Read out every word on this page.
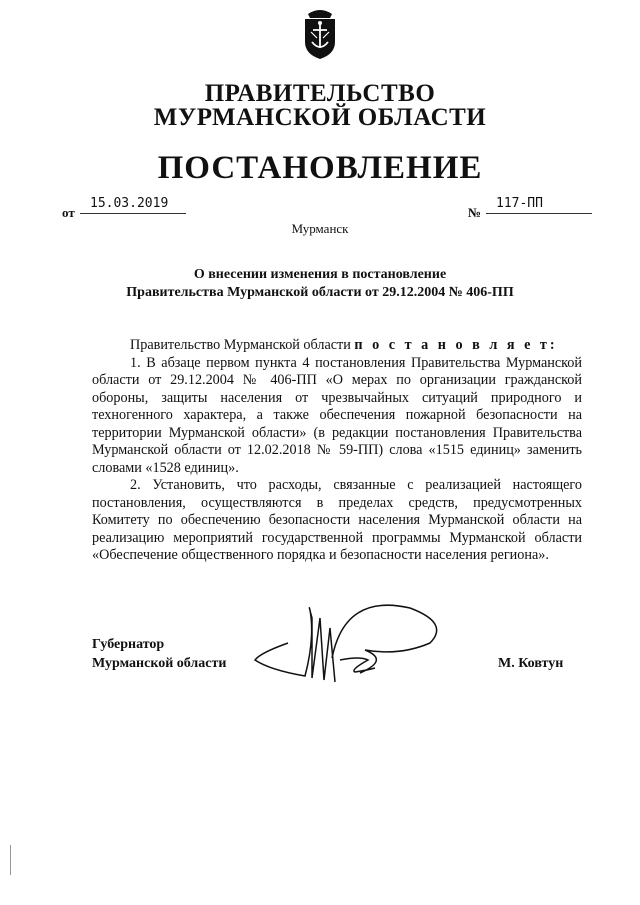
ПРАВИТЕЛЬСТВО
МУРМАНСКОЙ ОБЛАСТИ
ПОСТАНОВЛЕНИЕ
от
15.03.2019
№
117-ПП
Мурманск
О внесении изменения в постановление
Правительства Мурманской области от 29.12.2004 № 406-ПП

Правительство Мурманской области п о с т а н о в л я е т:

1. В абзаце первом пункта 4 постановления Правительства Мурманской области от 29.12.2004 № 406-ПП «О мерах по организации гражданской обороны, защиты населения от чрезвычайных ситуаций природного и техногенного характера, а также обеспечения пожарной безопасности на территории Мурманской области» (в редакции постановления Правительства Мурманской области от 12.02.2018 № 59-ПП) слова «1515 единиц» заменить словами «1528 единиц».

2. Установить, что расходы, связанные с реализацией настоящего постановления, осуществляются в пределах средств, предусмотренных Комитету по обеспечению безопасности населения Мурманской области на реализацию мероприятий государственной программы Мурманской области «Обеспечение общественного порядка и безопасности населения региона».

Губернатор
Мурманской области	М. Ковтун
